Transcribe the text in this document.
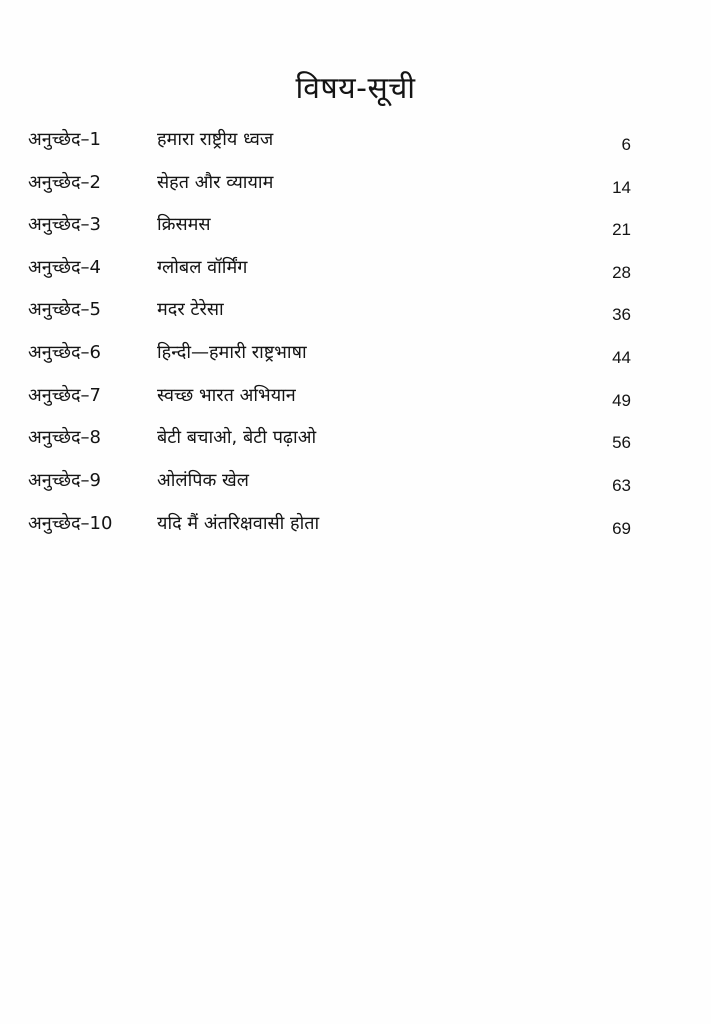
विषय-सूची
अनुच्छेद–1	हमारा राष्ट्रीय ध्वज	6
अनुच्छेद–2	सेहत और व्यायाम	14
अनुच्छेद–3	क्रिसमस	21
अनुच्छेद–4	ग्लोबल वॉर्मिंग	28
अनुच्छेद–5	मदर टेरेसा	36
अनुच्छेद–6	हिन्दी—हमारी राष्ट्रभाषा	44
अनुच्छेद–7	स्वच्छ भारत अभियान	49
अनुच्छेद–8	बेटी बचाओ, बेटी पढ़ाओ	56
अनुच्छेद–9	ओलंपिक खेल	63
अनुच्छेद–10 यदि मैं अंतरिक्षवासी होता	69
